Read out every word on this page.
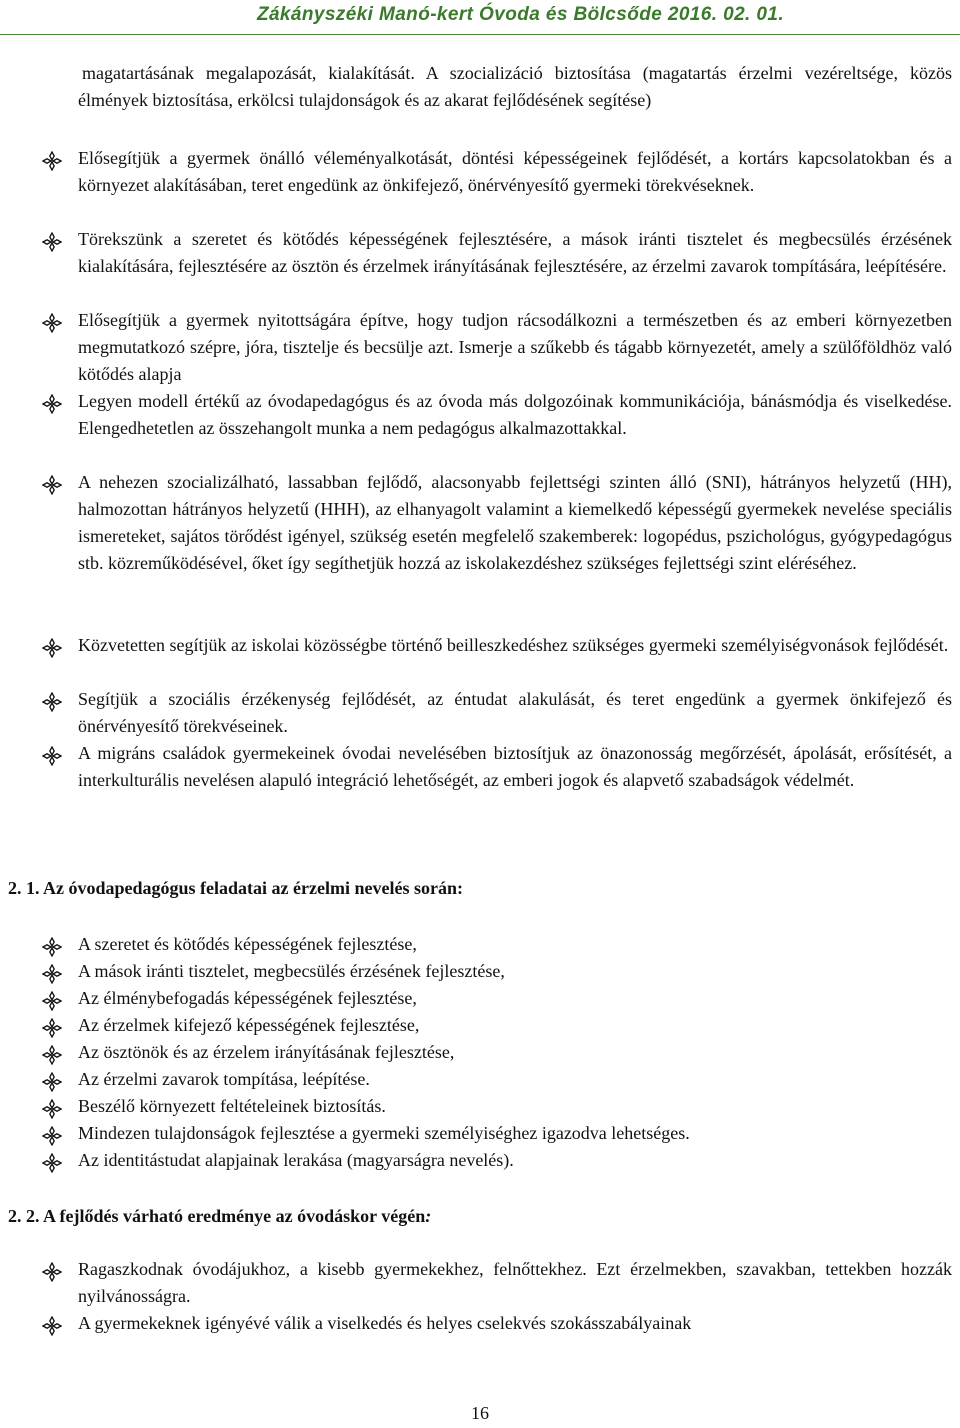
Zákányszéki Manó-kert Óvoda és Bölcsőde 2016. 02. 01.

magatartásának megalapozását, kialakítását. A szocializáció biztosítása (magatartás érzelmi vezéreltsége, közös élmények biztosítása, erkölcsi tulajdonságok és az akarat fejlődésének segítése)

Elősegítjük a gyermek önálló véleményalkotását, döntési képességeinek fejlődését, a kortárs kapcsolatokban és a környezet alakításában, teret engedünk az önkifejező, önérvényesítő gyermeki törekvéseknek.

Törekszünk a szeretet és kötődés képességének fejlesztésére, a mások iránti tisztelet és megbecsülés érzésének kialakítására, fejlesztésére az ösztön és érzelmek irányításának fejlesztésére, az érzelmi zavarok tompítására, leépítésére.

Elősegítjük a gyermek nyitottságára építve, hogy tudjon rácsodálkozni a természetben és az emberi környezetben megmutatkozó szépre, jóra, tisztelje és becsülje azt. Ismerje a szűkebb és tágabb környezetét, amely a szülőföldhöz való kötődés alapja

Legyen modell értékű az óvodapedagógus és az óvoda más dolgozóinak kommunikációja, bánásmódja és viselkedése. Elengedhetetlen az összehangolt munka a nem pedagógus alkalmazottakkal.

A nehezen szocializálható, lassabban fejlődő, alacsonyabb fejlettségi szinten álló (SNI), hátrányos helyzetű (HH), halmozottan hátrányos helyzetű (HHH), az elhanyagolt valamint a kiemelkedő képességű gyermekek nevelése speciális ismereteket, sajátos törődést igényel, szükség esetén megfelelő szakemberek: logopédus, pszichológus, gyógypedagógus stb. közreműködésével, őket így segíthetjük hozzá az iskolakezdéshez szükséges fejlettségi szint eléréséhez.

Közvetetten segítjük az iskolai közösségbe történő beilleszkedéshez szükséges gyermeki személyiségvonások fejlődését.

Segítjük a szociális érzékenység fejlődését, az éntudat alakulását, és teret engedünk a gyermek önkifejező és önérvényesítő törekvéseinek.

A migráns családok gyermekeinek óvodai nevelésében biztosítjuk az önazonosság megőrzését, ápolását, erősítését, a interkulturális nevelésen alapuló integráció lehetőségét, az emberi jogok és alapvető szabadságok védelmét.

2. 1. Az óvodapedagógus feladatai az érzelmi nevelés során:

A szeretet és kötődés képességének fejlesztése,

A mások iránti tisztelet, megbecsülés érzésének fejlesztése,

Az élménybefogadás képességének fejlesztése,

Az érzelmek kifejező képességének fejlesztése,

Az ösztönök és az érzelem irányításának fejlesztése,

Az érzelmi zavarok tompítása, leépítése.

Beszélő környezett feltételeinek biztosítás.

Mindezen tulajdonságok fejlesztése a gyermeki személyiséghez igazodva lehetséges.

Az identitástudat alapjainak lerakása (magyarságra nevelés).

2. 2. A fejlődés várható eredménye az óvodáskor végén:

Ragaszkodnak óvodájukhoz, a kisebb gyermekekhez, felnőttekhez. Ezt érzelmekben, szavakban, tettekben hozzák nyilvánosságra.

A gyermekeknek igényévé válik a viselkedés és helyes cselekvés szokásszabályainak

16
